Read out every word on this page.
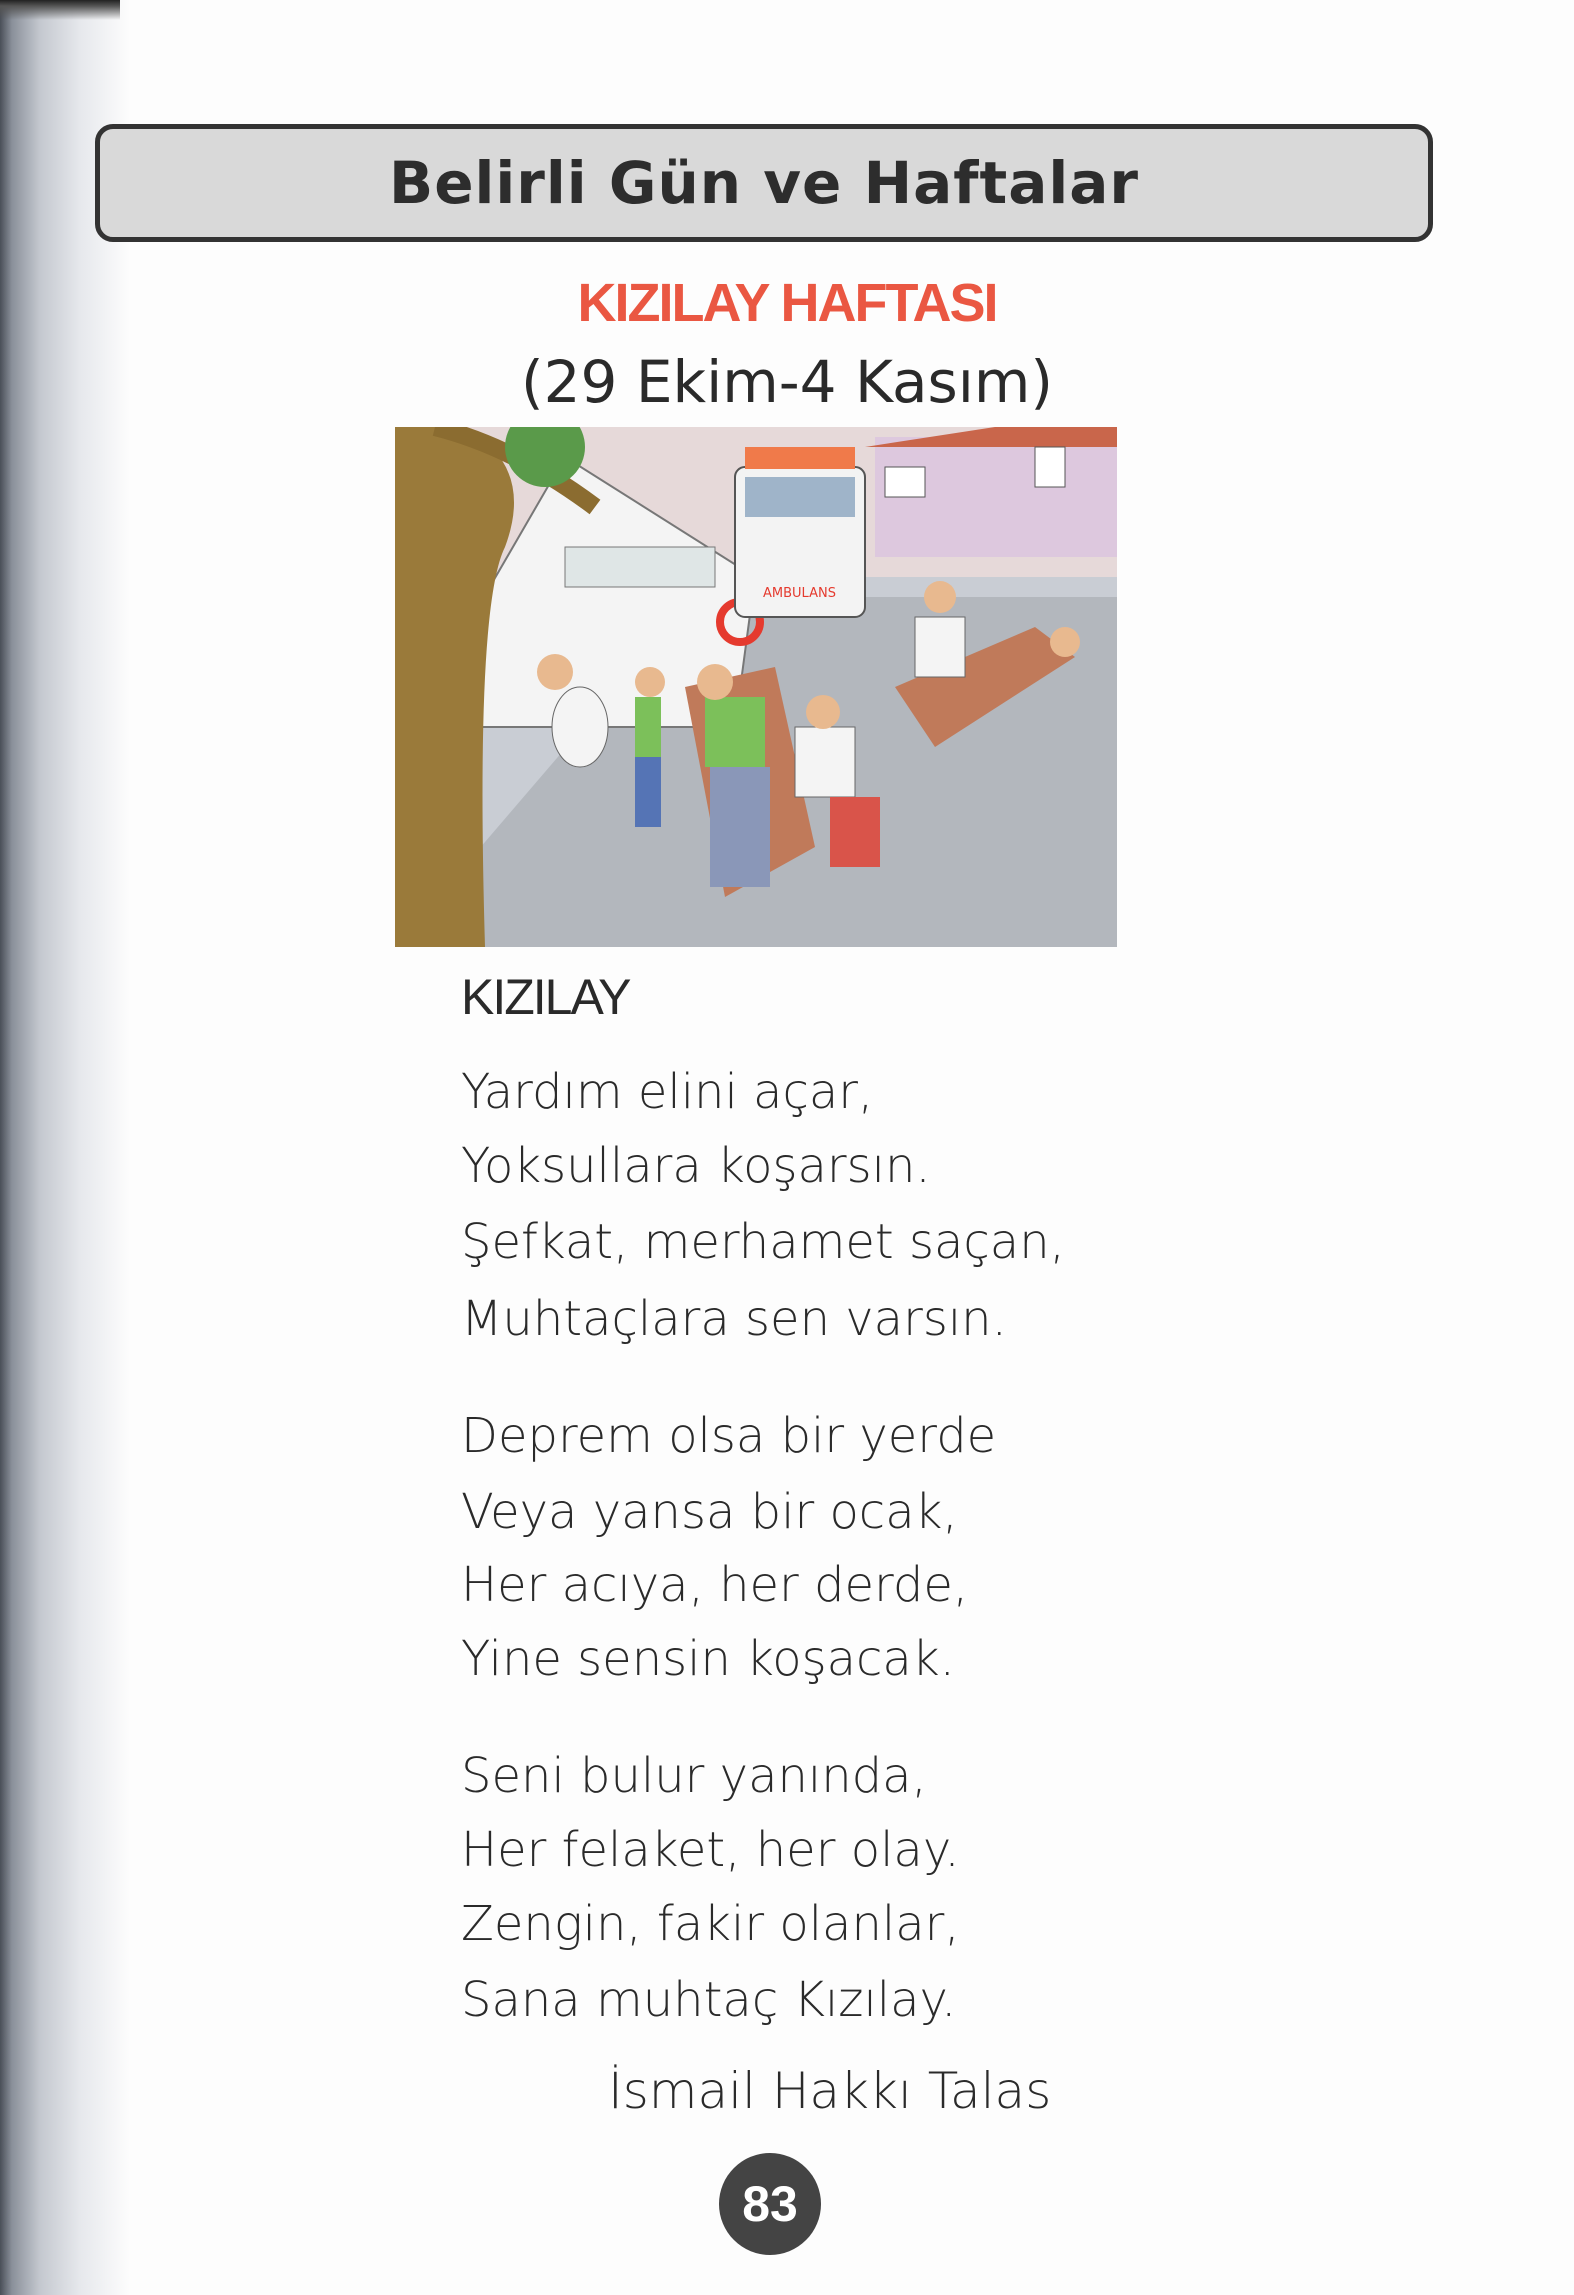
Belirli Gün ve Haftalar
KIZILAY HAFTASI
(29 Ekim-4 Kasım)
AMBULANS
KIZILAY
Yardım elini açar,
Yoksullara koşarsın.
Şefkat, merhamet saçan,
Muhtaçlara sen varsın.
Deprem olsa bir yerde
Veya yansa bir ocak,
Her acıya, her derde,
Yine sensin koşacak.
Seni bulur yanında,
Her felaket, her olay.
Zengin, fakir olanlar,
Sana muhtaç Kızılay.
İsmail Hakkı Talas
83
